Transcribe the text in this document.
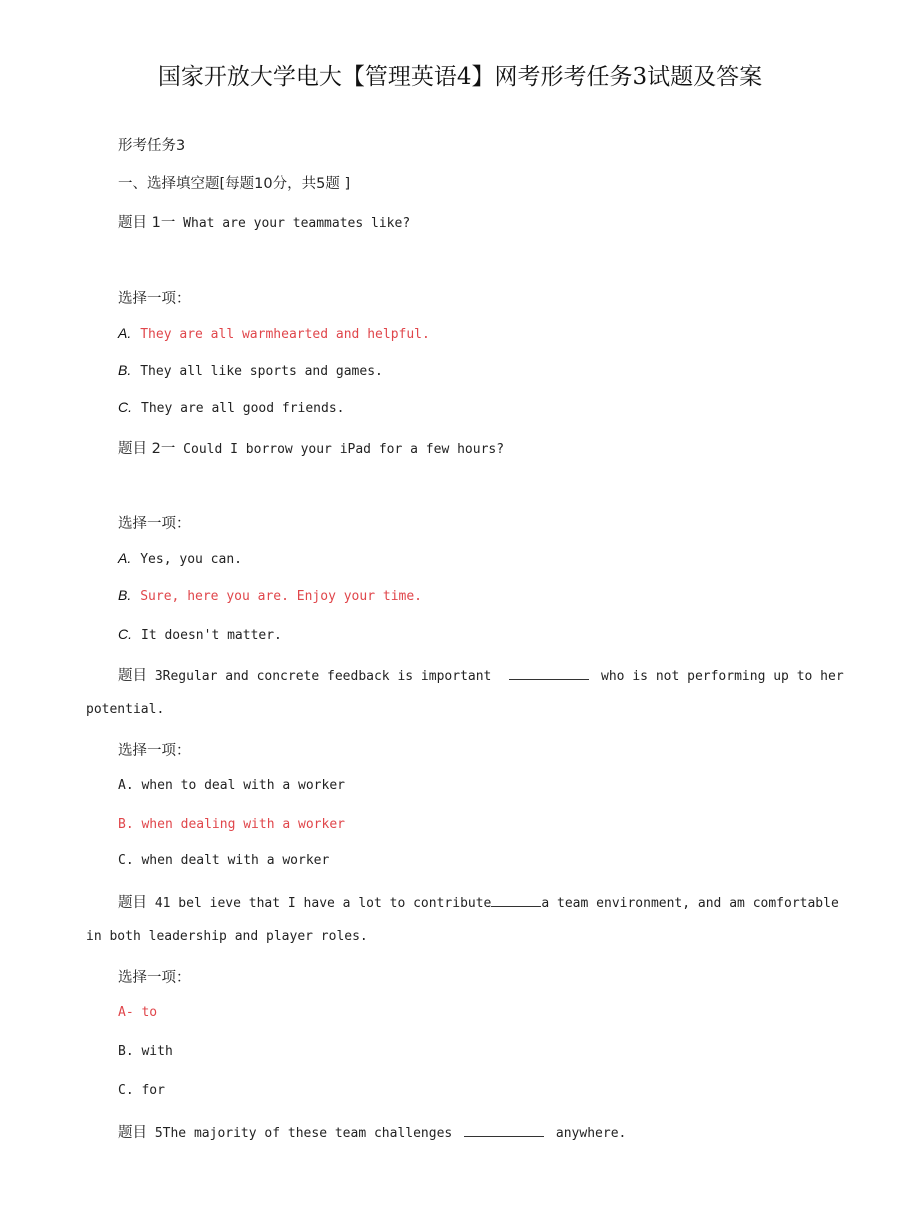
国家开放大学电大【管理英语4】网考形考任务3试题及答案
形考任务3
一、选择填空题[每题10分，共5题 ]
题目 1一 What are your teammates like?
选择一项：
A. They are all warmhearted and helpful.
B. They all like sports and games.
C. They are all good friends.
题目 2一 Could I borrow your iPad for a few hours?
选择一项：
A. Yes, you can.
B. Sure, here you are. Enjoy your time.
C. It doesn't matter.
题目 3Regular and concrete feedback is important	who is not performing up to her
potential.
选择一项：
A. when to deal with a worker
B. when dealing with a worker
C. when dealt with a worker
题目 41 bel ieve that I have a lot to contribute	a team environment, and am comfortable
in both leadership and player roles.
选择一项：
A- to
B. with
C. for
题目 5The majority of these team challenges	anywhere.
